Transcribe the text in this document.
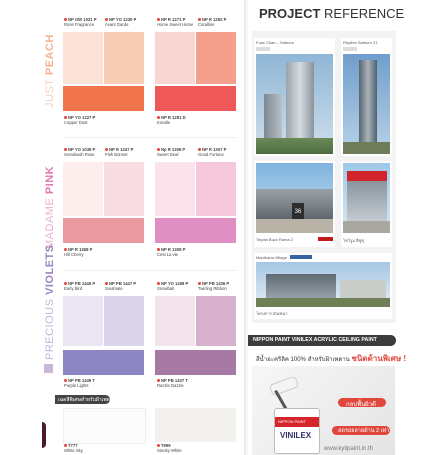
JUST PEACH
NP OW 1031 P
Rose Fragrance
NP YO 1230 P
Avant Garde
NP R 1271 P
Home Sweet Home
NP R 1282 P
Coralline
NP YO 1227 P
Copper Dust
NP R 1281 D
Koralle
MADAME PINK
NP YO 1039 P
Snowbush Rose
NP R 1347 P
Pink Bonnet
Np R 1306 P
Sweet Deal
NP R 1307 P
Good Fortune
NP R 1368 P
Hill Cherry
NP R 1308 P
Cest La vie
PRECIOUS VIOLETS	NP PB 1446 P
Early Bird
NP PB 1447 P
Soulmate
NP YO 1408 P
Snowball
NP PB 1436 P
Twirling Ribbon
NP PB 1449 T
Purple Lights
NP PB 1437 T
Razzle Dazzle
เฉดสีพิเศษสำหรับฝ้าเพดาน
T777
White Sky
T999
Smoky White
PROJECT REFERENCE
Fuse Chan – Sathorn	Rhythm Sathorn 21
36
Toyota Buzz Rama 2	โชว์รูม อีซูซุ
Manthana Village
โครงการ มัณฑนา
NIPPON PAINT VINILEX ACRYLIC CEILING PAINT
สีน้ำอะคริลิค 100% สำหรับฝ้าเพดาน ชนิดด้านพิเศษ !
NIPPON PAINT
VINILEX
กลบพื้นผิวดี
ลดรอยลายด้าน 2 เท่า
www.kylipaint.in.th
